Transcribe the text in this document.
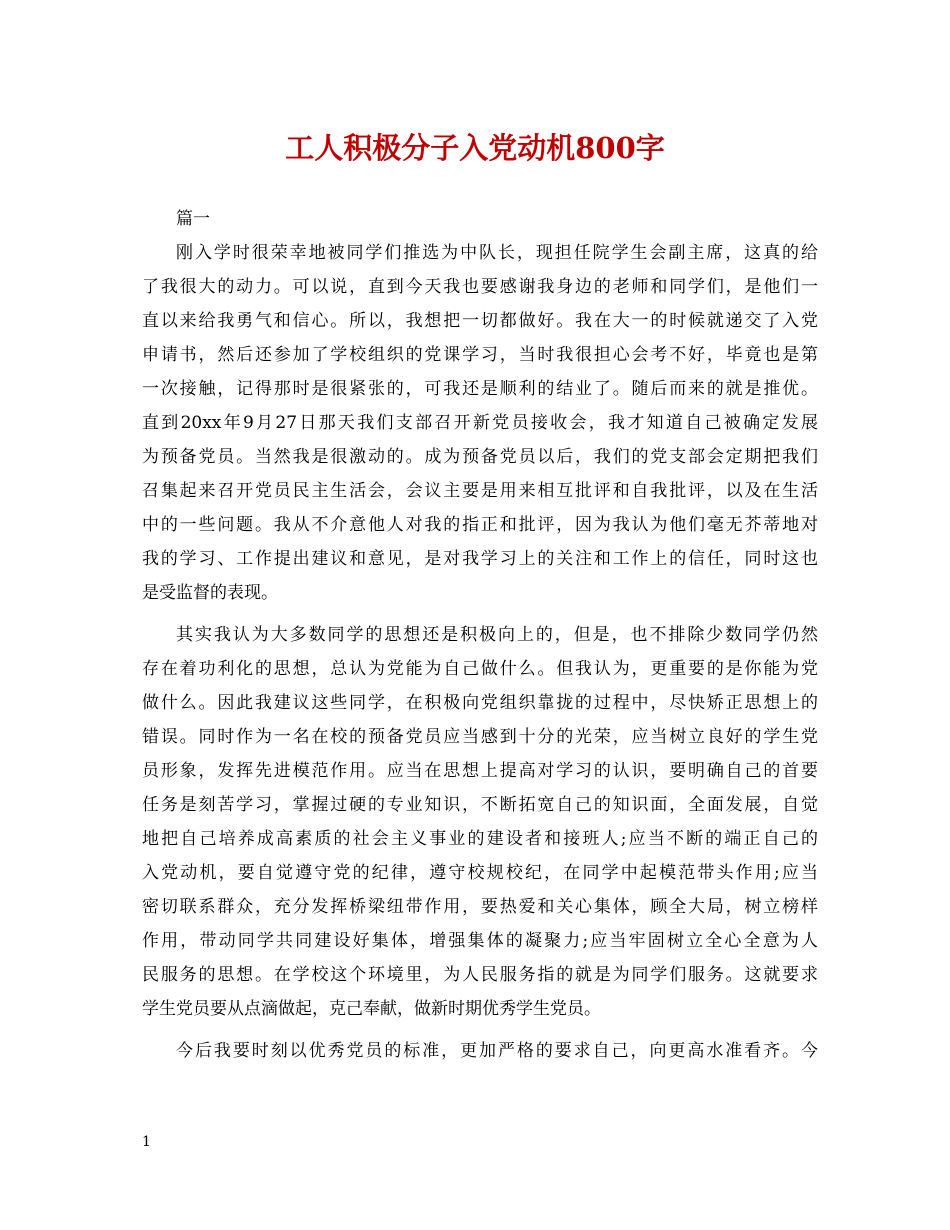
工人积极分子入党动机800字

篇一

刚入学时很荣幸地被同学们推选为中队长，现担任院学生会副主席，这真的给

了我很大的动力。可以说，直到今天我也要感谢我身边的老师和同学们，是他们一

直以来给我勇气和信心。所以，我想把一切都做好。我在大一的时候就递交了入党

申请书，然后还参加了学校组织的党课学习，当时我很担心会考不好，毕竟也是第

一次接触，记得那时是很紧张的，可我还是顺利的结业了。随后而来的就是推优。

直到20xx年9月27日那天我们支部召开新党员接收会，我才知道自己被确定发展

为预备党员。当然我是很激动的。成为预备党员以后，我们的党支部会定期把我们

召集起来召开党员民主生活会，会议主要是用来相互批评和自我批评，以及在生活

中的一些问题。我从不介意他人对我的指正和批评，因为我认为他们毫无芥蒂地对

我的学习、工作提出建议和意见，是对我学习上的关注和工作上的信任，同时这也

是受监督的表现。

其实我认为大多数同学的思想还是积极向上的，但是，也不排除少数同学仍然

存在着功利化的思想，总认为党能为自己做什么。但我认为，更重要的是你能为党

做什么。因此我建议这些同学，在积极向党组织靠拢的过程中，尽快矫正思想上的

错误。同时作为一名在校的预备党员应当感到十分的光荣，应当树立良好的学生党

员形象，发挥先进模范作用。应当在思想上提高对学习的认识，要明确自己的首要

任务是刻苦学习，掌握过硬的专业知识，不断拓宽自己的知识面，全面发展，自觉

地把自己培养成高素质的社会主义事业的建设者和接班人;应当不断的端正自己的

入党动机，要自觉遵守党的纪律，遵守校规校纪，在同学中起模范带头作用;应当

密切联系群众，充分发挥桥梁纽带作用，要热爱和关心集体，顾全大局，树立榜样

作用，带动同学共同建设好集体，增强集体的凝聚力;应当牢固树立全心全意为人

民服务的思想。在学校这个环境里，为人民服务指的就是为同学们服务。这就要求

学生党员要从点滴做起，克己奉献，做新时期优秀学生党员。

今后我要时刻以优秀党员的标准，更加严格的要求自己，向更高水准看齐。今

1
